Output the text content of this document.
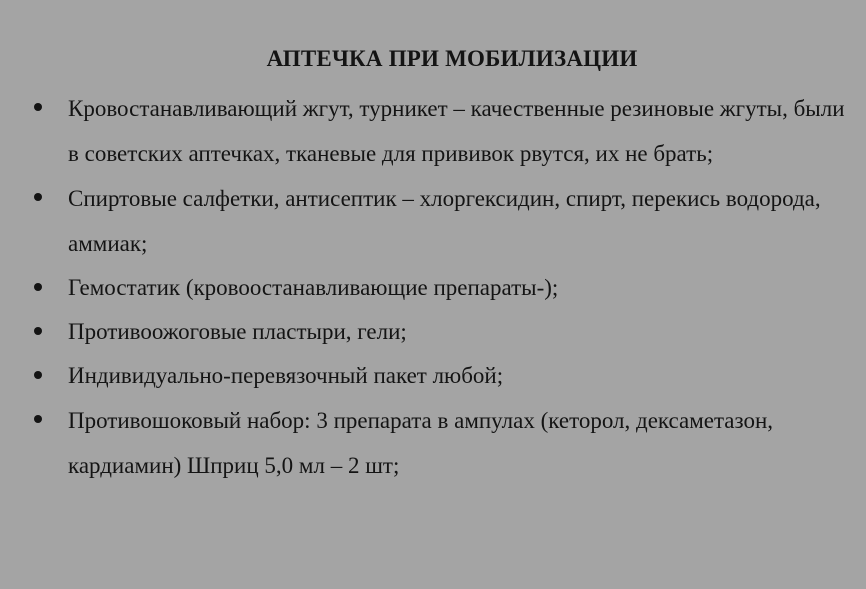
АПТЕЧКА ПРИ МОБИЛИЗАЦИИ
Кровостанавливающий жгут, турникет – качественные резиновые жгуты, были в советских аптечках, тканевые для прививок рвутся, их не брать;
Спиртовые салфетки, антисептик – хлоргексидин, спирт, перекись водорода, аммиак;
Гемостатик (кровоостанавливающие препараты-);
Противоожоговые пластыри, гели;
Индивидуально-перевязочный пакет любой;
Противошоковый набор: 3 препарата в ампулах (кеторол, дексаметазон, кардиамин) Шприц 5,0 мл – 2 шт;
